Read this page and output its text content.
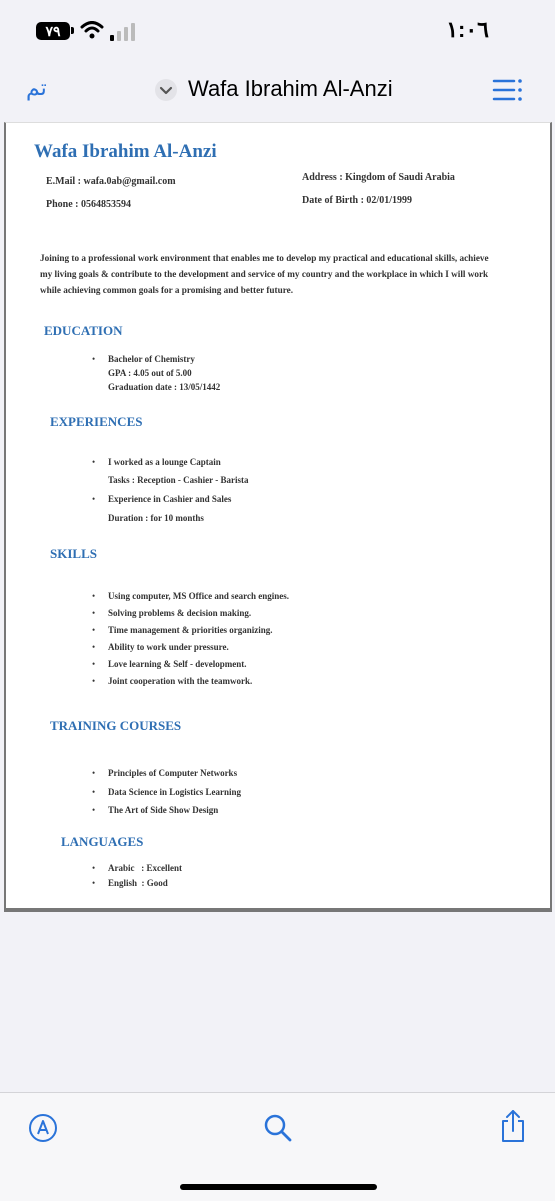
٧٩	١:٠٦
تم	Wafa Ibrahim Al-Anzi
Wafa Ibrahim Al-Anzi
E.Mail : wafa.0ab@gmail.com
Phone : 0564853594
Address : Kingdom of Saudi Arabia
Date of Birth : 02/01/1999
Joining to a professional work environment that enables me to develop my practical and educational skills, achieve
my living goals & contribute to the development and service of my country and the workplace in which I will work
while achieving common goals for a promising and better future.
EDUCATION
• Bachelor of Chemistry
GPA : 4.05 out of 5.00
Graduation date : 13/05/1442
EXPERIENCES
• I worked as a lounge Captain
Tasks : Reception - Cashier - Barista
• Experience in Cashier and Sales
Duration : for 10 months
SKILLS
• Using computer, MS Office and search engines.
• Solving problems & decision making.
• Time management & priorities organizing.
• Ability to work under pressure.
• Love learning & Self - development.
• Joint cooperation with the teamwork.
TRAINING COURSES
• Principles of Computer Networks
• Data Science in Logistics Learning
• The Art of Side Show Design
LANGUAGES
• Arabic   : Excellent
• English  : Good
